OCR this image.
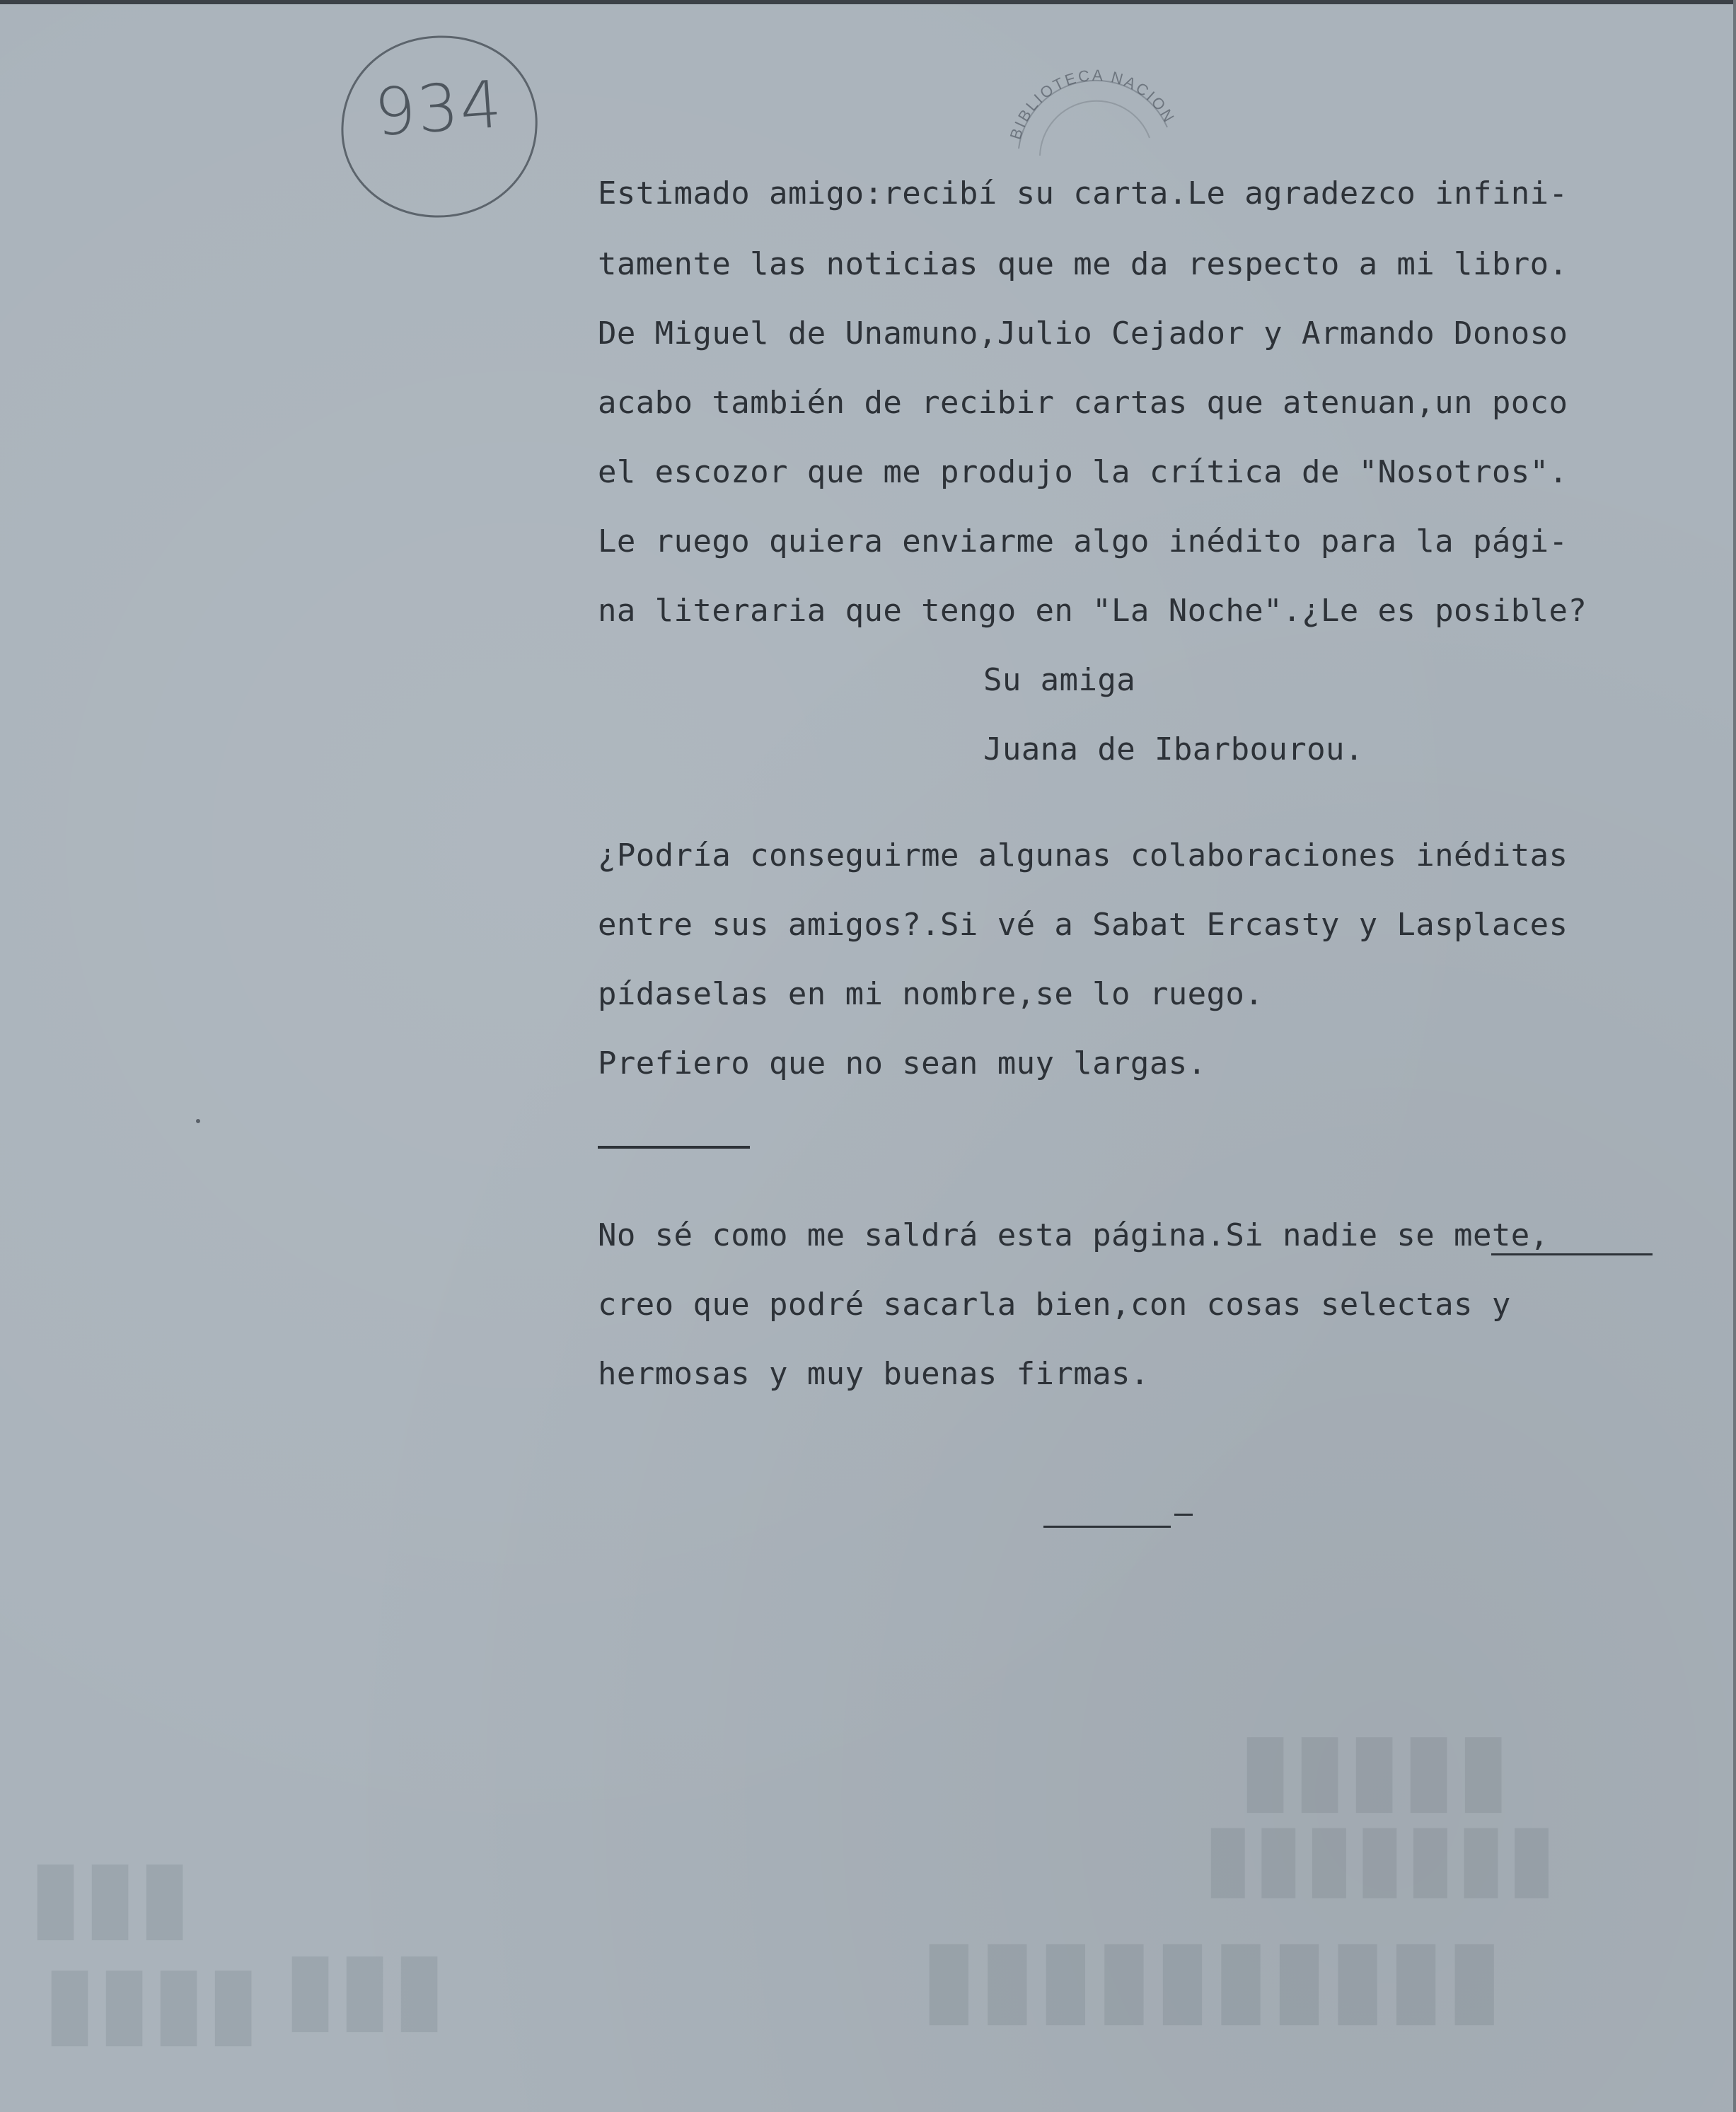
934	BIBLIOTECA NACION
Estimado amigo:recibí su carta.Le agradezco infini-
tamente las noticias que me da respecto a mi libro.
De Miguel de Unamuno,Julio Cejador y Armando Donoso
acabo también de recibir cartas que atenuan,un poco
el escozor que me produjo la crítica de "Nosotros".
Le ruego quiera enviarme algo inédito para la pági-
na literaria que tengo en "La Noche".¿Le es posible?
Su amiga
Juana de Ibarbourou.
¿Podría conseguirme algunas colaboraciones inéditas
entre sus amigos?.Si vé a Sabat Ercasty y Lasplaces
pídaselas en mi nombre,se lo ruego.
Prefiero que no sean muy largas.
No sé como me saldrá esta página.Si nadie se mete,
creo que podré sacarla bien,con cosas selectas y
hermosas y muy buenas firmas.
▮▮▮▮▮
▮▮▮▮▮▮▮
▮▮▮▮▮▮▮▮▮▮
▮▮▮
▮▮▮▮ ▮▮▮
